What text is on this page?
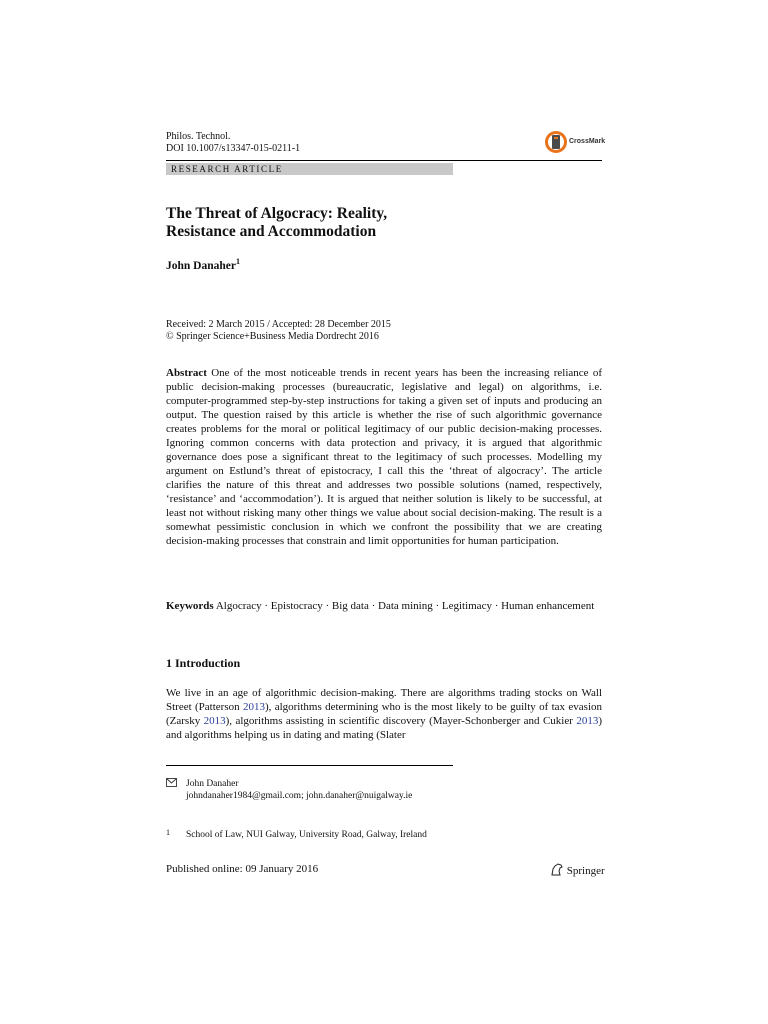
Philos. Technol.
DOI 10.1007/s13347-015-0211-1
CrossMark
RESEARCH ARTICLE
The Threat of Algocracy: Reality,
Resistance and Accommodation
John Danaher$^1$
Received: 2 March 2015 / Accepted: 28 December 2015
© Springer Science+Business Media Dordrecht 2016
Abstract One of the most noticeable trends in recent years has been the increasing reliance of public decision-making processes (bureaucratic, legislative and legal) on algorithms, i.e. computer-programmed step-by-step instructions for taking a given set of inputs and producing an output. The question raised by this article is whether the rise of such algorithmic governance creates problems for the moral or political legitimacy of our public decision-making processes. Ignoring common concerns with data protection and privacy, it is argued that algorithmic governance does pose a significant threat to the legitimacy of such processes. Modelling my argument on Estlund’s threat of epistocracy, I call this the ‘threat of algocracy’. The article clarifies the nature of this threat and addresses two possible solutions (named, respectively, ‘resistance’ and ‘accommodation’). It is argued that neither solution is likely to be successful, at least not without risking many other things we value about social decision-making. The result is a somewhat pessimistic conclusion in which we confront the possibility that we are creating decision-making processes that constrain and limit opportunities for human participation.
Keywords Algocracy · Epistocracy · Big data · Data mining · Legitimacy · Human enhancement
1 Introduction
We live in an age of algorithmic decision-making. There are algorithms trading stocks on Wall Street (Patterson 2013), algorithms determining who is the most likely to be guilty of tax evasion (Zarsky 2013), algorithms assisting in scientific discovery (Mayer-Schonberger and Cukier 2013) and algorithms helping us in dating and mating (Slater
John Danaher
johndanaher1984@gmail.com; john.danaher@nuigalway.ie
1 School of Law, NUI Galway, University Road, Galway, Ireland
Published online: 09 January 2016	Springer
